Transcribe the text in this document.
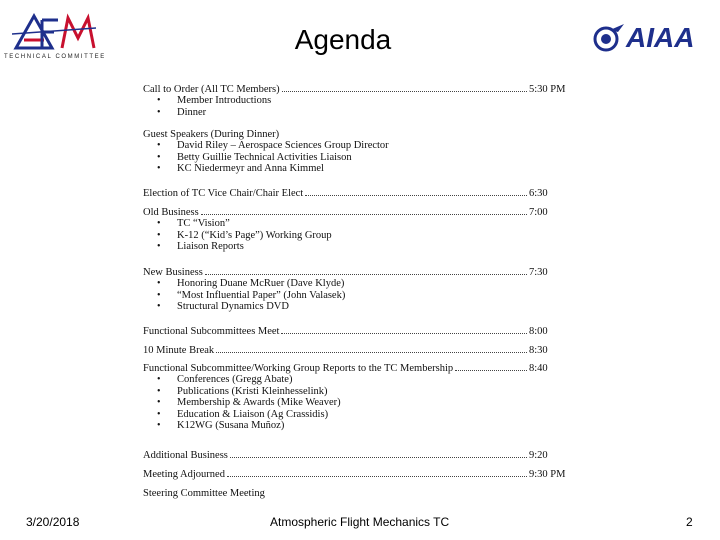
TECHNICAL COMMITTEE
Agenda	AIAA
Call to Order (All TC Members)	5:30 PM
Member Introductions
Dinner
Guest Speakers (During Dinner)
David Riley – Aerospace Sciences Group Director
Betty Guillie Technical Activities Liaison
KC Niedermeyr and Anna Kimmel
Election of TC Vice Chair/Chair Elect	6:30
Old Business	7:00
TC “Vision”
K-12 (“Kid’s Page”) Working Group
Liaison Reports
New Business	7:30
Honoring Duane McRuer (Dave Klyde)
“Most Influential Paper” (John Valasek)
Structural Dynamics DVD
Functional Subcommittees Meet	8:00
10 Minute Break	8:30
Functional Subcommittee/Working Group Reports to the TC Membership	8:40
Conferences (Gregg Abate)
Publications (Kristi Kleinhesselink)
Membership & Awards (Mike Weaver)
Education & Liaison (Ag Crassidis)
K12WG (Susana Muñoz)
Additional Business	9:20
Meeting Adjourned	9:30 PM
Steering Committee Meeting
3/20/2018	Atmospheric Flight Mechanics TC	2
